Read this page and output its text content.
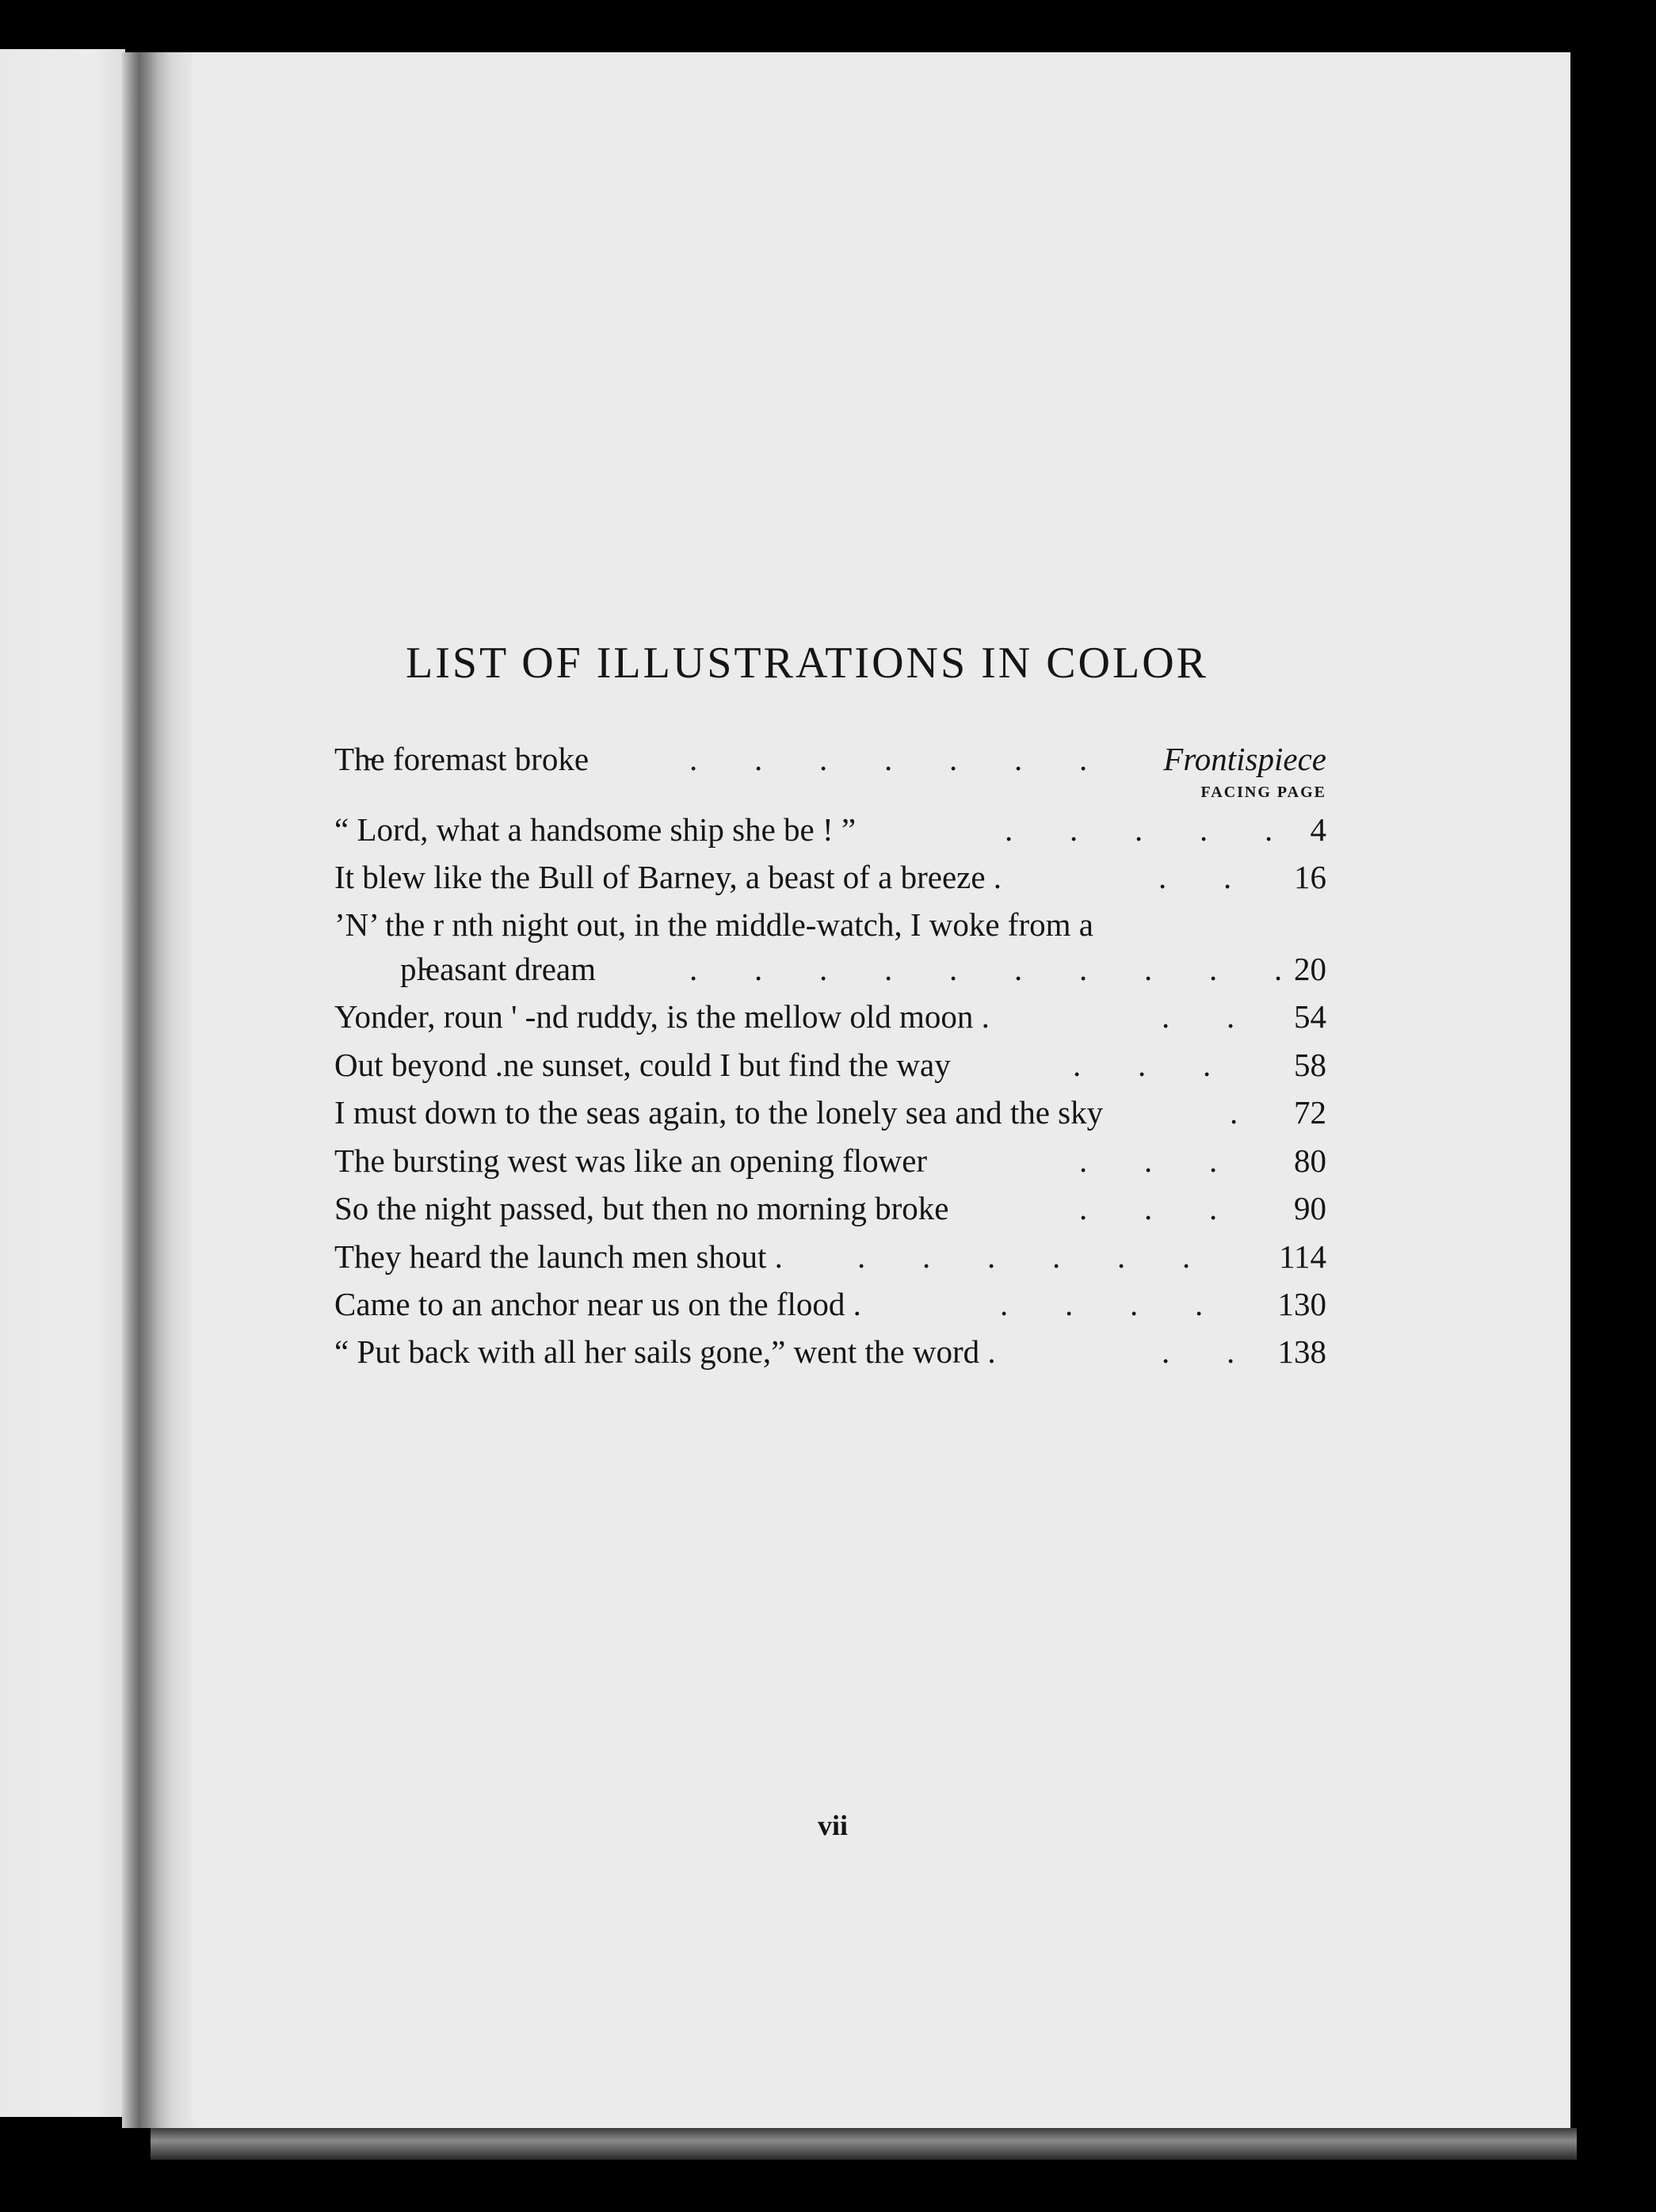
LIST OF ILLUSTRATIONS IN COLOR
Th̵e foremast broke	.       .       .       .       .       .       . Frontispiece
FACING PAGE
“ Lord, what a handsome ship she be ! ”	.       .       .       .       . 4
It blew like the Bull of Barney, a beast of a breeze .	.       . 16
’N’ the r nth night out, in the middle-watch, I woke from a
pl̵easant dream	.       .       .       .       .       .       .       .       .       . 20
Yonder, roun ' ‐nd ruddy, is the mellow old moon .	.       . 54
Out beyond .ne sunset, could I but find the way	.       .       .	58
I must down to the seas again, to the lonely sea and the sky	. 72
The bursting west was like an opening flower	.       .       . 80
So the night passed, but then no morning broke	.       .       . 90
They heard the launch men shout . .       .       .       .       .       .	114
Came to an anchor near us on the flood .	.       .       .       . 130
“ Put back with all her sails gone,” went the word .	.       . 138
vii
